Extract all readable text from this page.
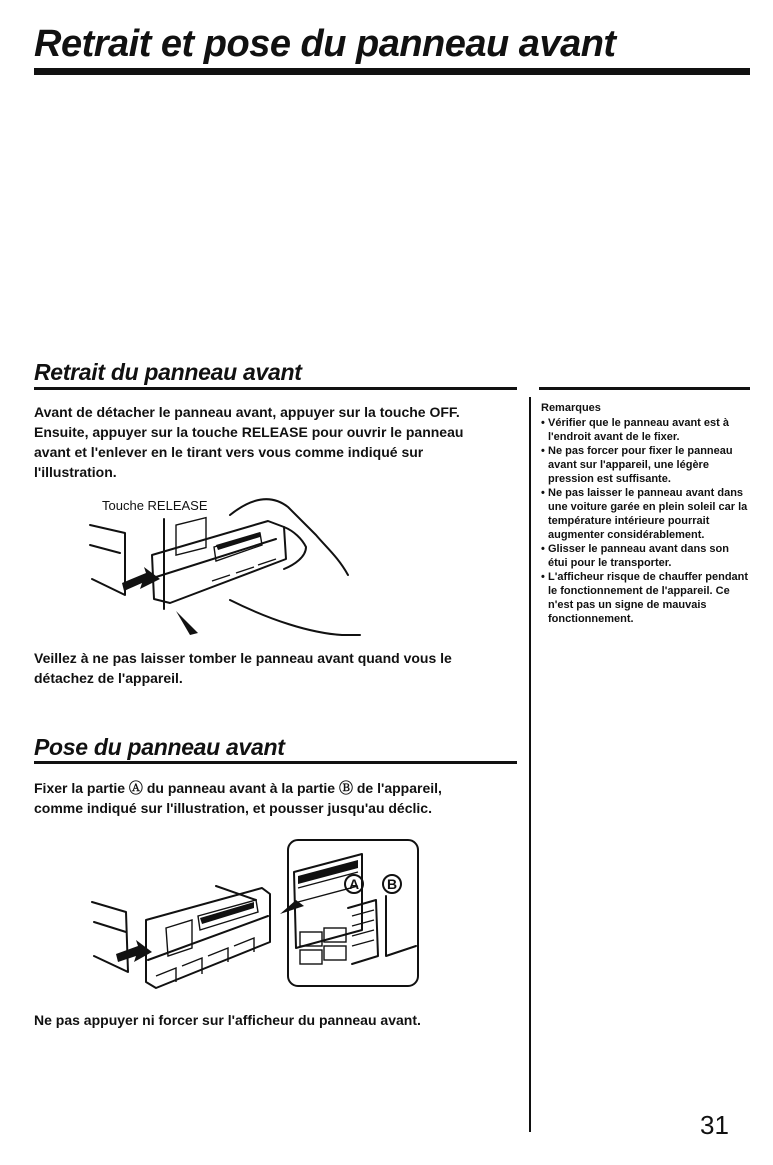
Retrait et pose du panneau avant
Retrait du panneau avant

Avant de détacher le panneau avant, appuyer sur la touche OFF.

Ensuite, appuyer sur la touche RELEASE pour ouvrir le panneau

avant et l'enlever en le tirant vers vous comme indiqué sur

l'illustration.

Touche RELEASE

Veillez à ne pas laisser tomber le panneau avant quand vous le

détachez de l'appareil.

Pose du panneau avant

Fixer la partie Ⓐ du panneau avant à la partie Ⓑ de l'appareil,

comme indiqué sur l'illustration, et pousser jusqu'au déclic.

A B

Ne pas appuyer ni forcer sur l'afficheur du panneau avant.

Remarques

• Vérifier que le panneau avant est à l'endroit avant de le fixer.
• Ne pas forcer pour fixer le panneau avant sur l'appareil, une légère pression est suffisante.
• Ne pas laisser le panneau avant dans une voiture garée en plein soleil car la température intérieure pourrait augmenter considérablement.
• Glisser le panneau avant dans son étui pour le transporter.
• L'afficheur risque de chauffer pendant le fonctionnement de l'appareil. Ce n'est pas un signe de mauvais fonctionnement.
31
